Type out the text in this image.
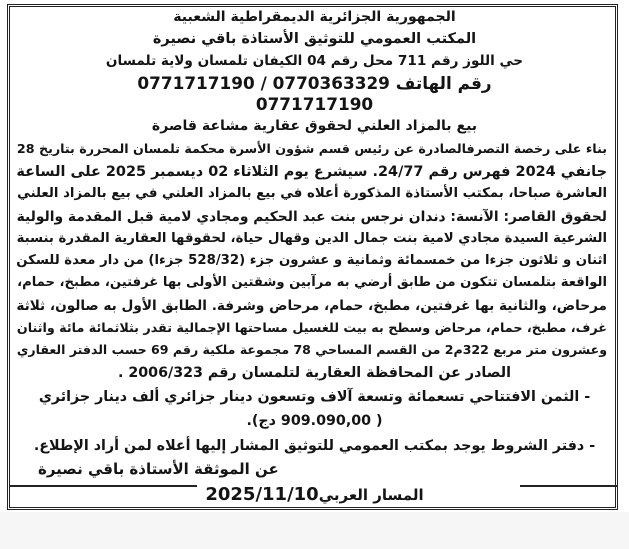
الجمهورية الجزائرية الديمقراطية الشعبية
المكتب العمومي للتوثيق الأستاذة باقي نصيرة
حي اللوز رقم 711 محل رقم 04 الكيفان تلمسان ولاية تلمسان
رقم الهاتف 0770363329 / 0771717190
0771717190
بيع بالمزاد العلني لحقوق عقارية مشاعة قاصرة
بناء على رخصة التصرفالصادرة عن رئيس قسم شؤون الأسرة محكمة تلمسان المحررة بتاريخ 28
جانفي 2024 فهرس رقم 24/77. سيشرع يوم الثلاثاء 02 ديسمبر 2025 على الساعة
العاشرة صباحا، بمكتب الأستاذة المذكورة أعلاه في بيع بالمزاد العلني في بيع بالمزاد العلني
لحقوق القاصر: الآنسة: دندان نرجس بنت عبد الحكيم ومجادي لامية قبل المقدمة والولية
الشرعية السيدة مجادي لامية بنت جمال الدين وقهال حياة، لحقوقها العقارية المقدرة بنسبة
اثنان و ثلاثون جزءا من خمسمائة وثمانية و عشرون جزء (528/32 جزءا) من دار معدة للسكن
الواقعة بتلمسان تتكون من طابق أرضي به مرآبين وشقتين الأولى بها غرفتين، مطبخ، حمام،
مرحاض، والثانية بها غرفتين، مطبخ، حمام، مرحاض وشرفة. الطابق الأول به صالون، ثلاثة
غرف، مطبخ، حمام، مرحاض وسطح به بيت للغسيل مساحتها الإجمالية تقدر بثلاثمائة مائة واثنان
وعشرون متر مربع 322م2 من القسم المساحي 78 مجموعة ملكية رقم 69 حسب الدفتر العقاري
الصادر عن المحافظة العقارية لتلمسان رقم 2006/323 .
- الثمن الافتتاحي تسعمائة وتسعة آلاف وتسعون دينار جزائري ألف دينار جزائري
( 909.090,00 دج).
- دفتر الشروط يوجد بمكتب العمومي للتوثيق المشار إليها أعلاه لمن أراد الإطلاع.
عن الموثقة الأستاذة باقي نصيرة
المسار العربي2025/11/10
